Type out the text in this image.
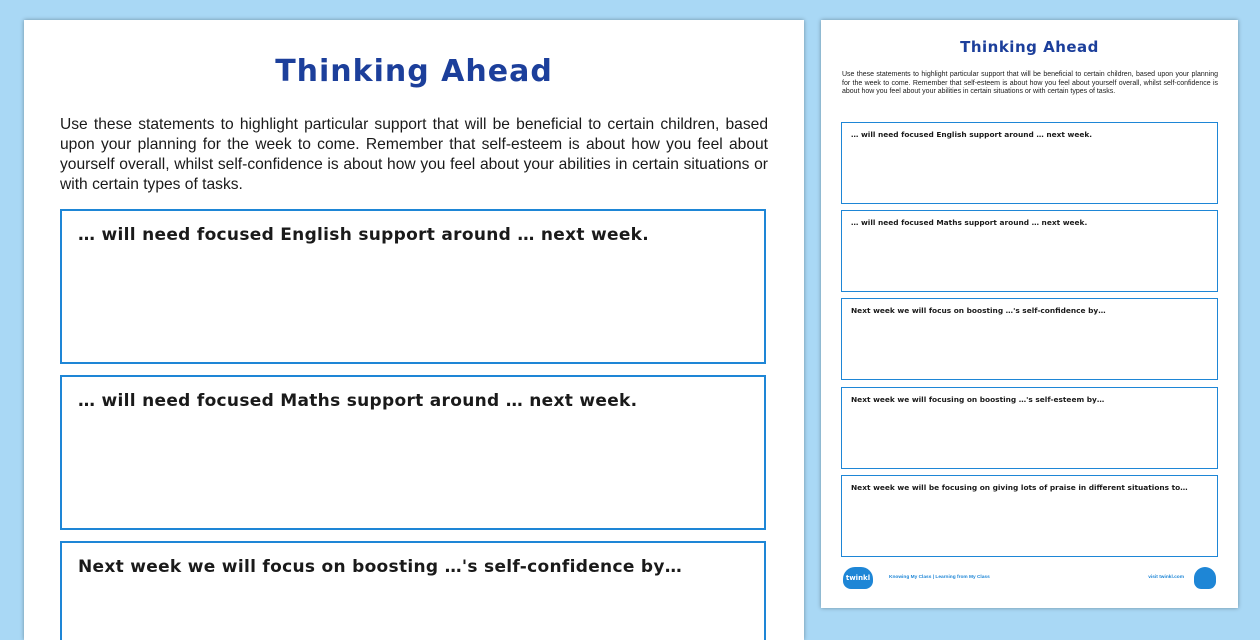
Thinking Ahead
Use these statements to highlight particular support that will be beneficial to certain children, based upon your planning for the week to come. Remember that self-esteem is about how you feel about yourself overall, whilst self-confidence is about how you feel about your abilities in certain situations or with certain types of tasks.
… will need focused English support around … next week.
… will need focused Maths support around … next week.
Next week we will focus on boosting …'s self-confidence by…
Thinking Ahead
Use these statements to highlight particular support that will be beneficial to certain children, based upon your planning for the week to come. Remember that self-esteem is about how you feel about yourself overall, whilst self-confidence is about how you feel about your abilities in certain situations or with certain types of tasks.
… will need focused English support around … next week.
… will need focused Maths support around … next week.
Next week we will focus on boosting …'s self-confidence by…
Next week we will focusing on boosting …'s self-esteem by…
Next week we will be focusing on giving lots of praise in different situations to…
twinkl	Knowing My Class | Learning from My Class	visit twinkl.com
